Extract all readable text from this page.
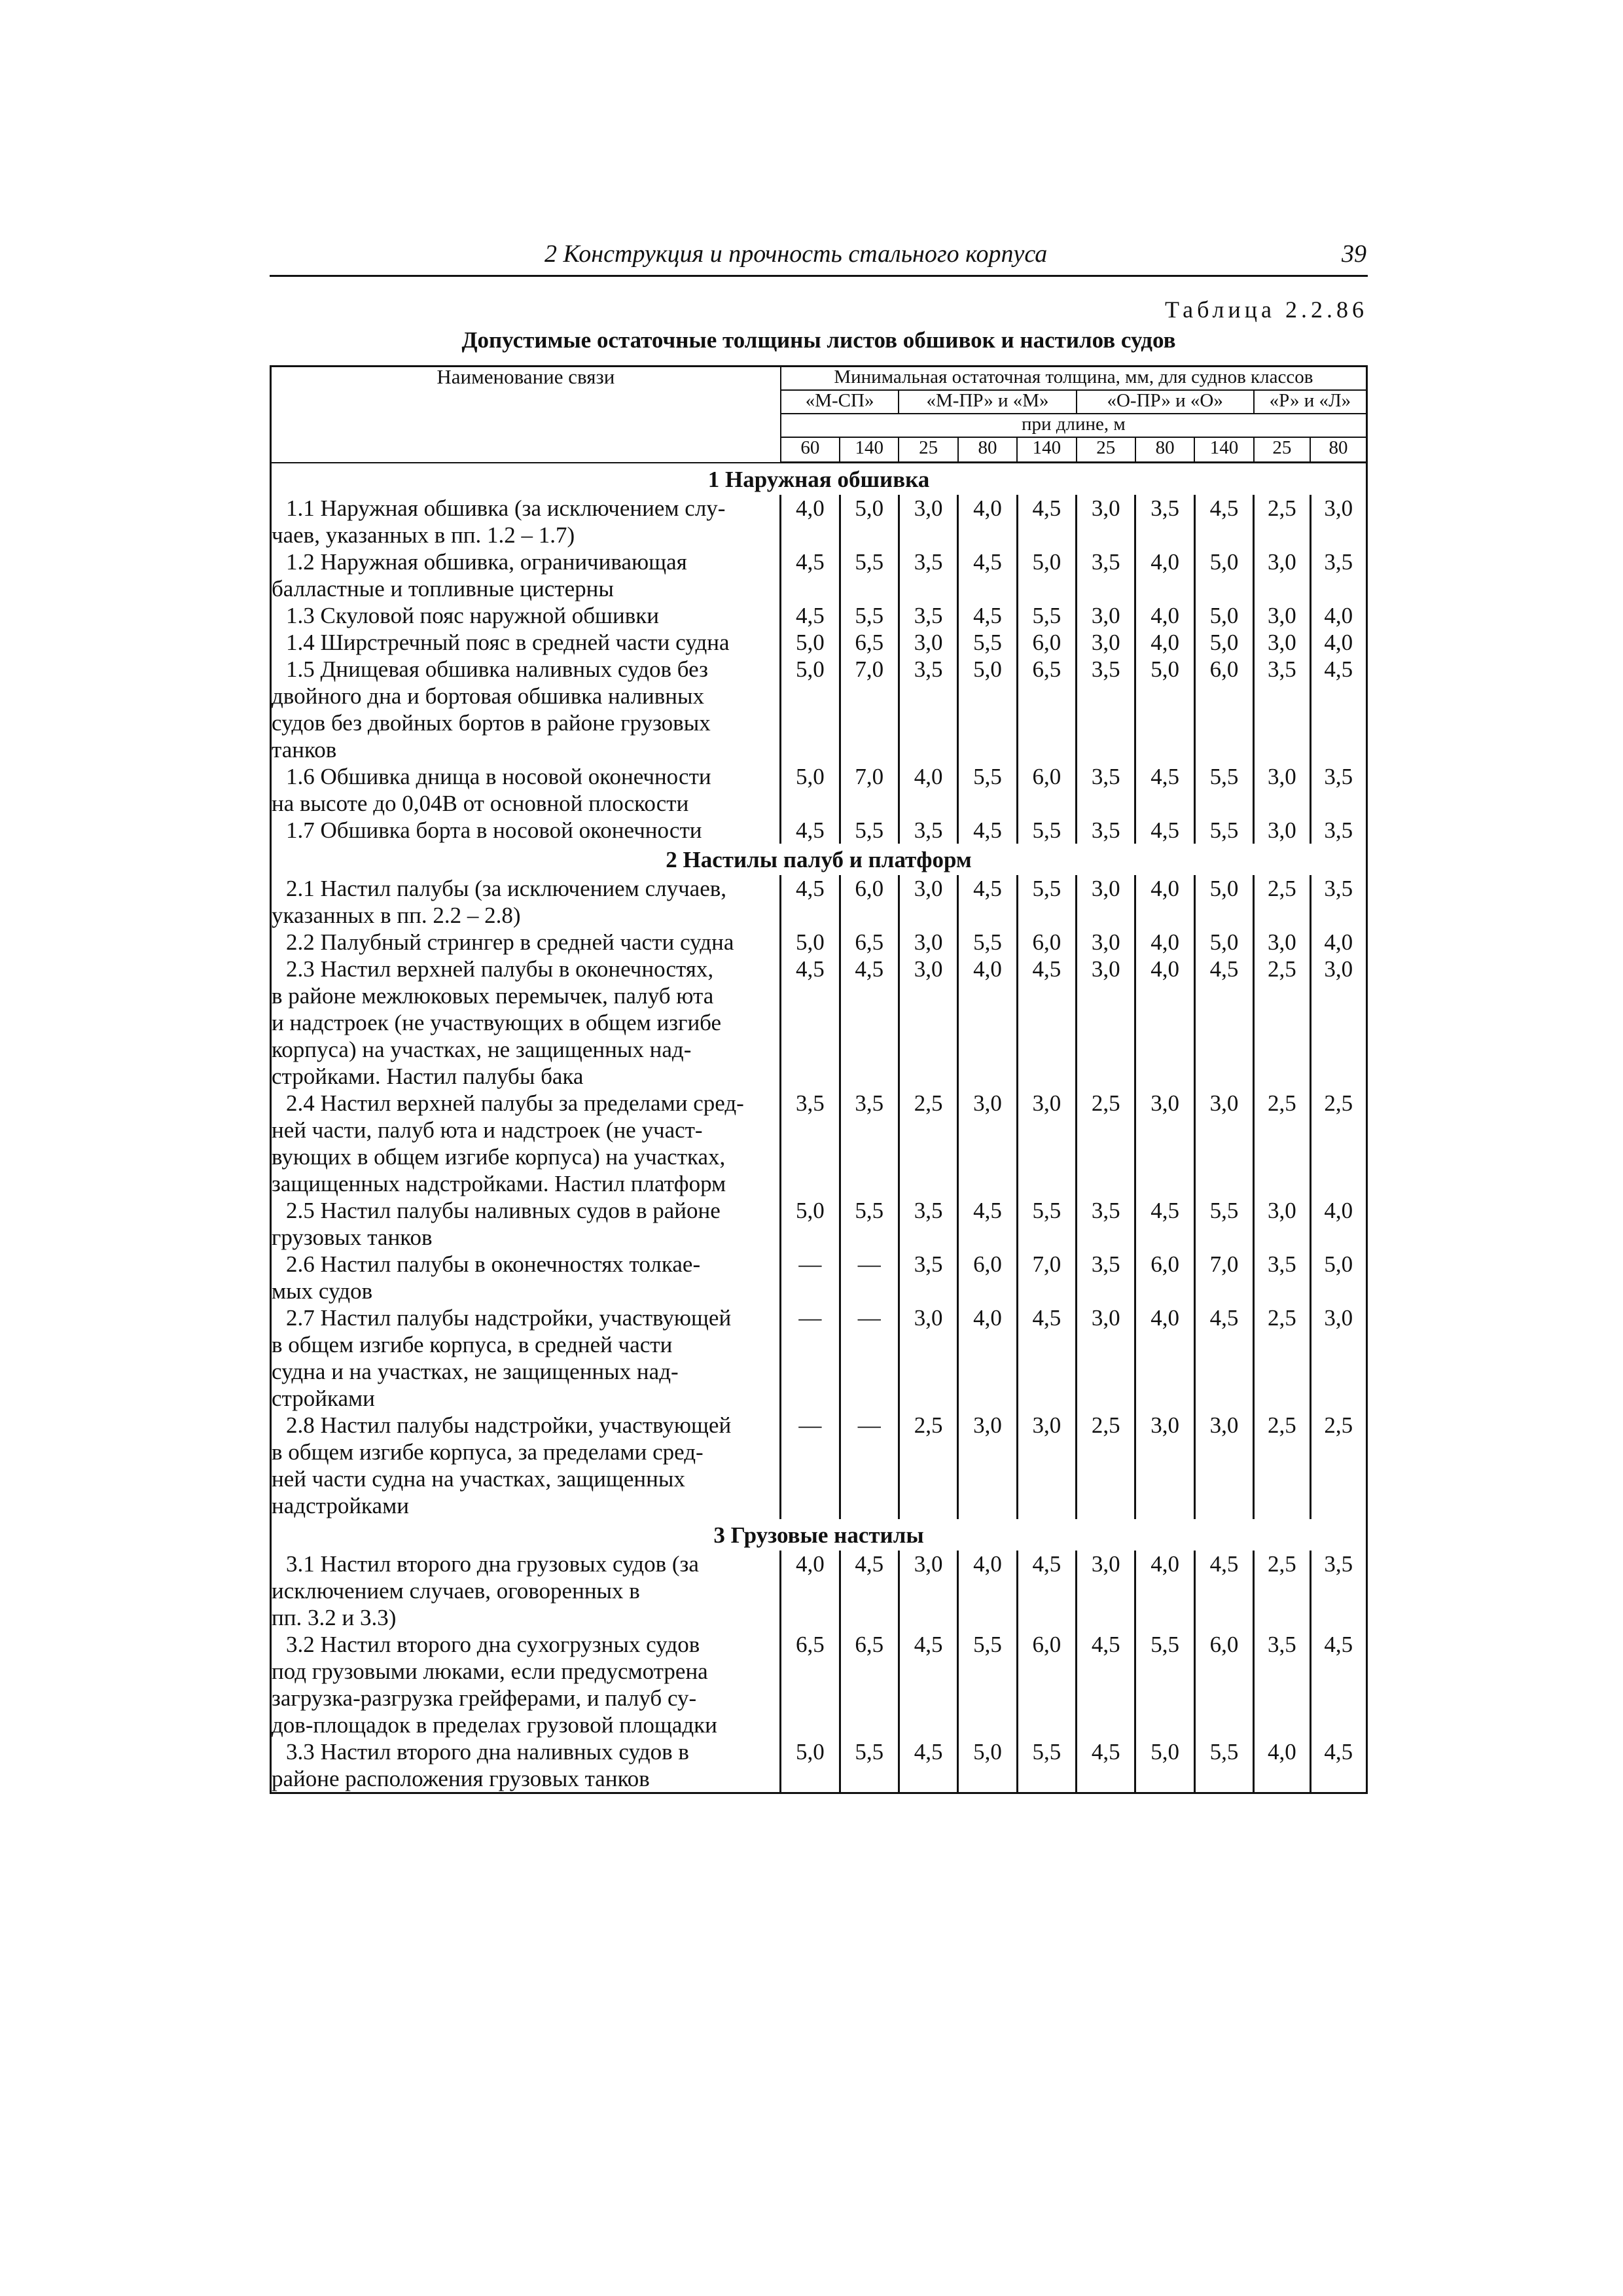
2 Конструкция и прочность стального корпуса	39
Таблица 2.2.86
Допустимые остаточные толщины листов обшивок и настилов судов
Наименование связи	Минимальная остаточная толщина, мм, для суднов классов									
	«М-СП»		«М-ПР» и «М»			«О-ПР» и «О»			«Р» и «Л»	
	при длине, м									
	60	140	25	80	140	25	80	140	25	80
1 Наружная обшивка										
1.1 Наружная обшивка (за исключением слу-
чаев, указанных в пп. 1.2 – 1.7)	4,0	5,0	3,0	4,0	4,5	3,0	3,5	4,5	2,5	3,0
1.2 Наружная обшивка, ограничивающая
балластные и топливные цистерны	4,5	5,5	3,5	4,5	5,0	3,5	4,0	5,0	3,0	3,5
1.3 Скуловой пояс наружной обшивки	4,5	5,5	3,5	4,5	5,5	3,0	4,0	5,0	3,0	4,0
1.4 Ширстречный пояс в средней части судна	5,0	6,5	3,0	5,5	6,0	3,0	4,0	5,0	3,0	4,0
1.5 Днищевая обшивка наливных судов без
двойного дна и бортовая обшивка наливных
судов без двойных бортов в районе грузовых
танков	5,0	7,0	3,5	5,0	6,5	3,5	5,0	6,0	3,5	4,5
1.6 Обшивка днища в носовой оконечности
на высоте до 0,04B от основной плоскости	5,0	7,0	4,0	5,5	6,0	3,5	4,5	5,5	3,0	3,5
1.7 Обшивка борта в носовой оконечности	4,5	5,5	3,5	4,5	5,5	3,5	4,5	5,5	3,0	3,5
2 Настилы палуб и платформ										
2.1 Настил палубы (за исключением случаев,
указанных в пп. 2.2 – 2.8)	4,5	6,0	3,0	4,5	5,5	3,0	4,0	5,0	2,5	3,5
2.2 Палубный стрингер в средней части судна	5,0	6,5	3,0	5,5	6,0	3,0	4,0	5,0	3,0	4,0
2.3 Настил верхней палубы в оконечностях,
в районе межлюковых перемычек, палуб юта
и надстроек (не участвующих в общем изгибе
корпуса) на участках, не защищенных над-
стройками. Настил палубы бака	4,5	4,5	3,0	4,0	4,5	3,0	4,0	4,5	2,5	3,0
2.4 Настил верхней палубы за пределами сред-
ней части, палуб юта и надстроек (не участ-
вующих в общем изгибе корпуса) на участках,
защищенных надстройками. Настил платформ	3,5	3,5	2,5	3,0	3,0	2,5	3,0	3,0	2,5	2,5
2.5 Настил палубы наливных судов в районе
грузовых танков	5,0	5,5	3,5	4,5	5,5	3,5	4,5	5,5	3,0	4,0
2.6 Настил палубы в оконечностях толкае-
мых судов	—	—	3,5	6,0	7,0	3,5	6,0	7,0	3,5	5,0
2.7 Настил палубы надстройки, участвующей
в общем изгибе корпуса, в средней части
судна и на участках, не защищенных над-
стройками	—	—	3,0	4,0	4,5	3,0	4,0	4,5	2,5	3,0
2.8 Настил палубы надстройки, участвующей
в общем изгибе корпуса, за пределами сред-
ней части судна на участках, защищенных
надстройками	—	—	2,5	3,0	3,0	2,5	3,0	3,0	2,5	2,5
3 Грузовые настилы										
3.1 Настил второго дна грузовых судов (за
исключением случаев, оговоренных в
пп. 3.2 и 3.3)	4,0	4,5	3,0	4,0	4,5	3,0	4,0	4,5	2,5	3,5
3.2 Настил второго дна сухогрузных судов
под грузовыми люками, если предусмотрена
загрузка-разгрузка грейферами, и палуб су-
дов-площадок в пределах грузовой площадки	6,5	6,5	4,5	5,5	6,0	4,5	5,5	6,0	3,5	4,5
3.3 Настил второго дна наливных судов в
районе расположения грузовых танков	5,0	5,5	4,5	5,0	5,5	4,5	5,0	5,5	4,0	4,5
